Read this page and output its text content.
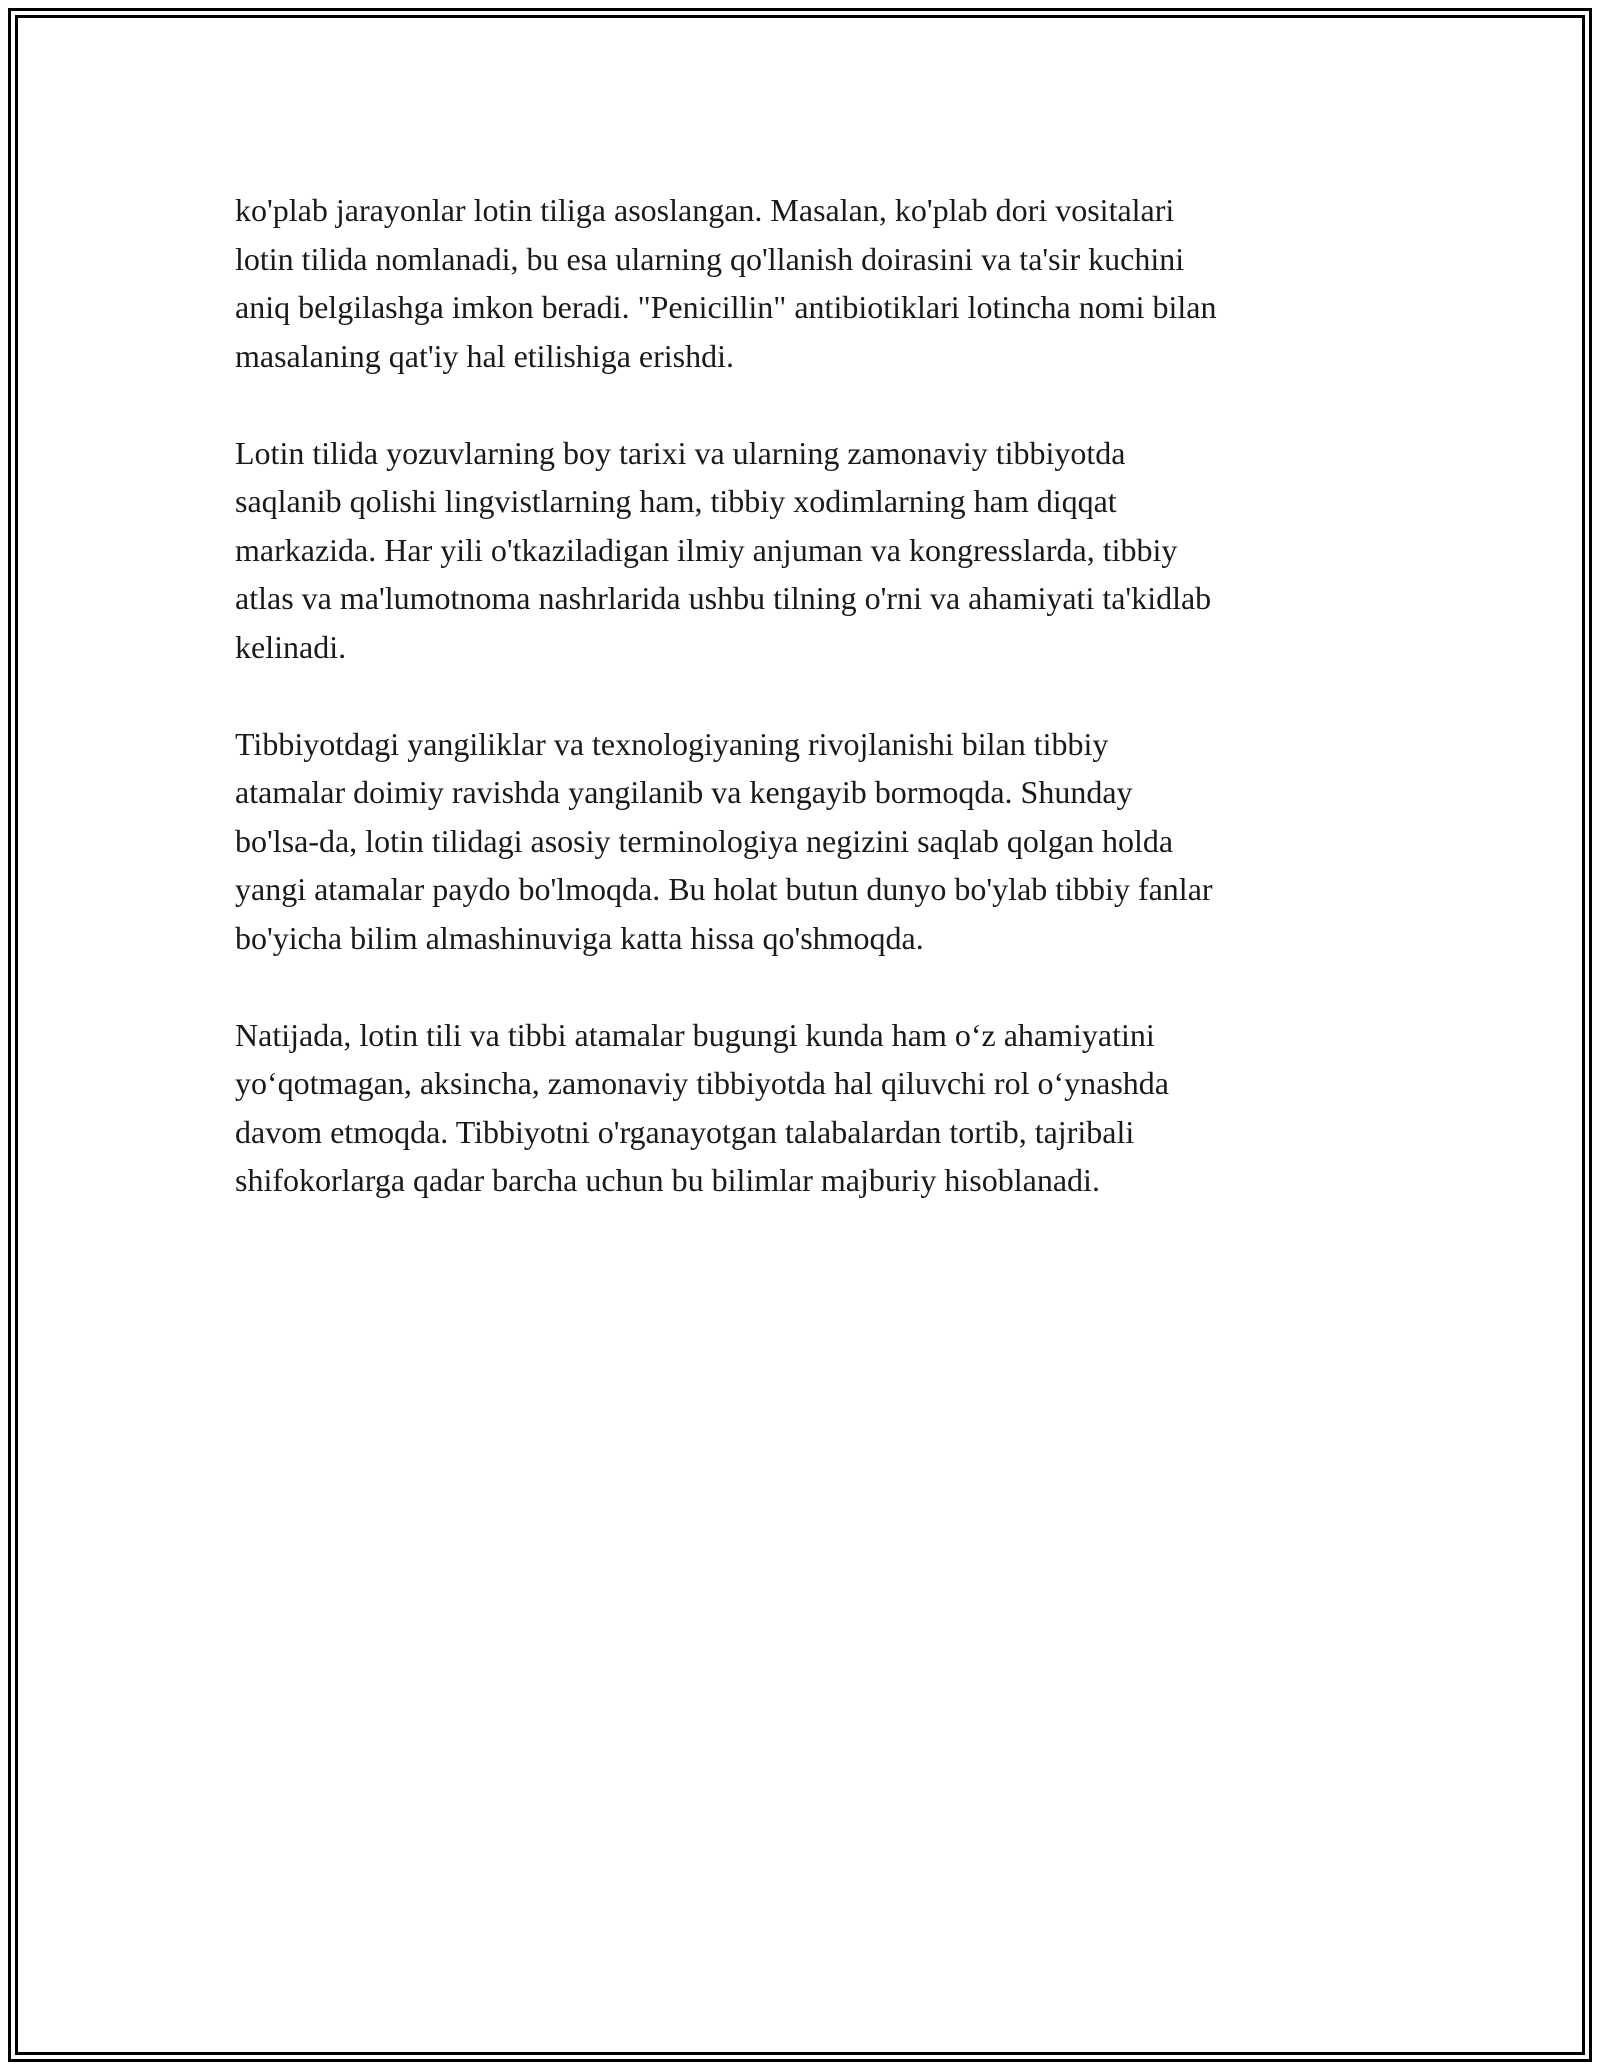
ko'plab jarayonlar lotin tiliga asoslangan. Masalan, ko'plab dori vositalari
lotin tilida nomlanadi, bu esa ularning qo'llanish doirasini va ta'sir kuchini
aniq belgilashga imkon beradi. "Penicillin" antibiotiklari lotincha nomi bilan
masalaning qat'iy hal etilishiga erishdi.

Lotin tilida yozuvlarning boy tarixi va ularning zamonaviy tibbiyotda
saqlanib qolishi lingvistlarning ham, tibbiy xodimlarning ham diqqat
markazida. Har yili o'tkaziladigan ilmiy anjuman va kongresslarda, tibbiy
atlas va ma'lumotnoma nashrlarida ushbu tilning o'rni va ahamiyati ta'kidlab
kelinadi.

Tibbiyotdagi yangiliklar va texnologiyaning rivojlanishi bilan tibbiy
atamalar doimiy ravishda yangilanib va kengayib bormoqda. Shunday
bo'lsa-da, lotin tilidagi asosiy terminologiya negizini saqlab qolgan holda
yangi atamalar paydo bo'lmoqda. Bu holat butun dunyo bo'ylab tibbiy fanlar
bo'yicha bilim almashinuviga katta hissa qo'shmoqda.

Natijada, lotin tili va tibbi atamalar bugungi kunda ham o‘z ahamiyatini
yo‘qotmagan, aksincha, zamonaviy tibbiyotda hal qiluvchi rol o‘ynashda
davom etmoqda. Tibbiyotni o'rganayotgan talabalardan tortib, tajribali
shifokorlarga qadar barcha uchun bu bilimlar majburiy hisoblanadi.
